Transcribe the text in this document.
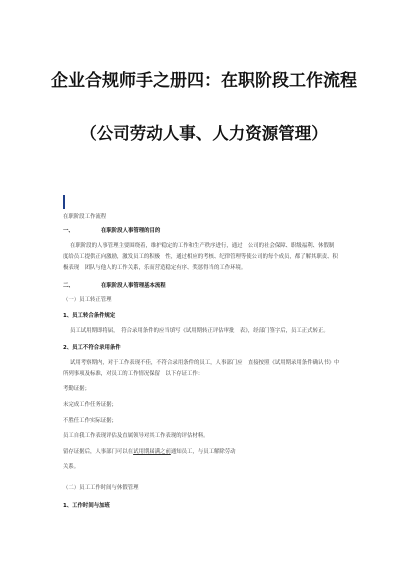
企业合规师手之册四：在职阶段工作流程
（公司劳动人事、人力资源管理）
在职阶段工作流程
一、	在职阶段人事管理的目的
在职阶段的人事管理主要围绕着，维护稳定的工作和生产秩序进行，通过　公司的社会保障、职级福利、休假制
度给员工提供正向激励，激发员工的积极　性，通过相应的考核、纪律管理等使公司的每个成员，都了解其职责、积
极表现　团队与他人的工作关系，乐而营造稳定有序、奖惩得当的工作环境。
二、	在职阶段人事管理基本流程
（一）员工转正管理
1、员工转合条件规定
员工试用期即将届，　符合录用条件的应当填写《试用期转正评估审批　表》，经部门签字后，员工正式转正。
2、员工不符合录用条件
试用考察期内，对于工作表现不佳，不符合录用条件的员工，人事部门应　直接按照《试用期录用条件确认书》中
所列事项及标准，对员工的工作情况保留　以下存证工作：
考勤证据；
未完成工作任务证据；
不胜任工作实际证据；
员工自我工作表现评估及直属领导对其工作表现的评估材料。
留存证据后，人事部门可以在试用期届满之前通知员工，与员工解除劳动
关系。
（二）员工工作时间与休假管理
1、工作时间与加班
